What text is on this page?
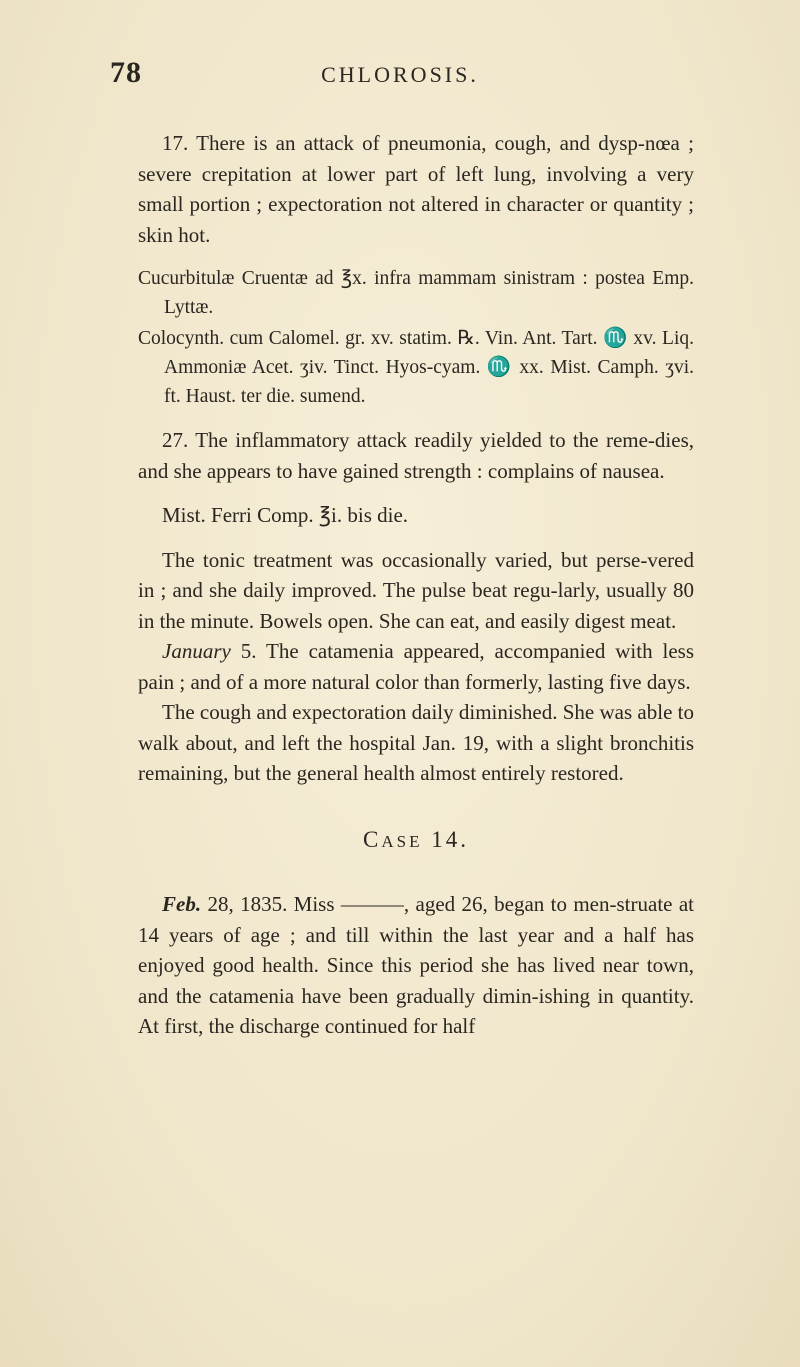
78	CHLOROSIS.

17. There is an attack of pneumonia, cough, and dysp-nœa ; severe crepitation at lower part of left lung, involving a very small portion ; expectoration not altered in character or quantity ; skin hot.

Cucurbitulæ Cruentæ ad ℥x. infra mammam sinistram : postea Emp. Lyttæ.

Colocynth. cum Calomel. gr. xv. statim. ℞. Vin. Ant. Tart. ♏ xv. Liq. Ammoniæ Acet. ʒiv. Tinct. Hyos-cyam. ♏ xx. Mist. Camph. ʒvi. ft. Haust. ter die. sumend.

27. The inflammatory attack readily yielded to the reme-dies, and she appears to have gained strength : complains of nausea.

Mist. Ferri Comp. ℥i. bis die.

The tonic treatment was occasionally varied, but perse-vered in ; and she daily improved. The pulse beat regu-larly, usually 80 in the minute. Bowels open. She can eat, and easily digest meat.

January 5. The catamenia appeared, accompanied with less pain ; and of a more natural color than formerly, lasting five days.

The cough and expectoration daily diminished. She was able to walk about, and left the hospital Jan. 19, with a slight bronchitis remaining, but the general health almost entirely restored.

CASE 14.

Feb. 28, 1835. Miss ———, aged 26, began to men-struate at 14 years of age ; and till within the last year and a half has enjoyed good health. Since this period she has lived near town, and the catamenia have been gradually dimin-ishing in quantity. At first, the discharge continued for half
